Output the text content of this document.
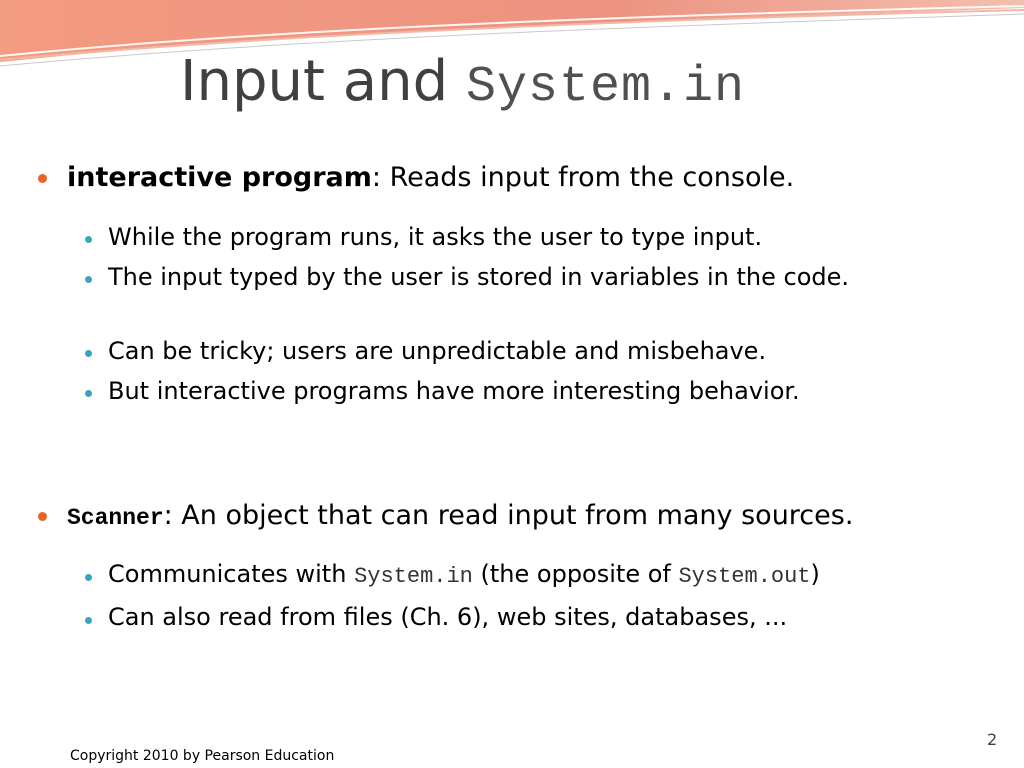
Input and System.in
interactive program: Reads input from the console.
While the program runs, it asks the user to type input.
The input typed by the user is stored in variables in the code.
Can be tricky; users are unpredictable and misbehave.
But interactive programs have more interesting behavior.
Scanner: An object that can read input from many sources.
Communicates with System.in (the opposite of System.out)
Can also read from files (Ch. 6), web sites, databases, ...
Copyright 2010 by Pearson Education
2
